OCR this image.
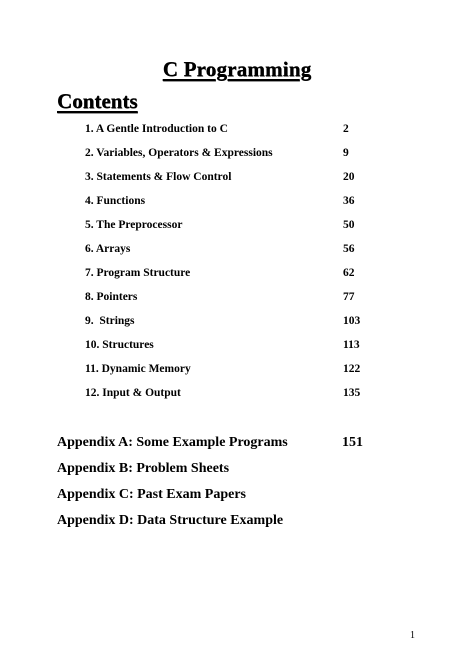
C Programming
Contents
1. A Gentle Introduction to C	2
2. Variables, Operators & Expressions	9
3. Statements & Flow Control	20
4. Functions	36
5. The Preprocessor	50
6. Arrays	56
7. Program Structure	62
8. Pointers	77
9.  Strings	103
10. Structures	113
11. Dynamic Memory	122
12. Input & Output	135
Appendix A: Some Example Programs	151
Appendix B: Problem Sheets
Appendix C: Past Exam Papers
Appendix D: Data Structure Example
1
